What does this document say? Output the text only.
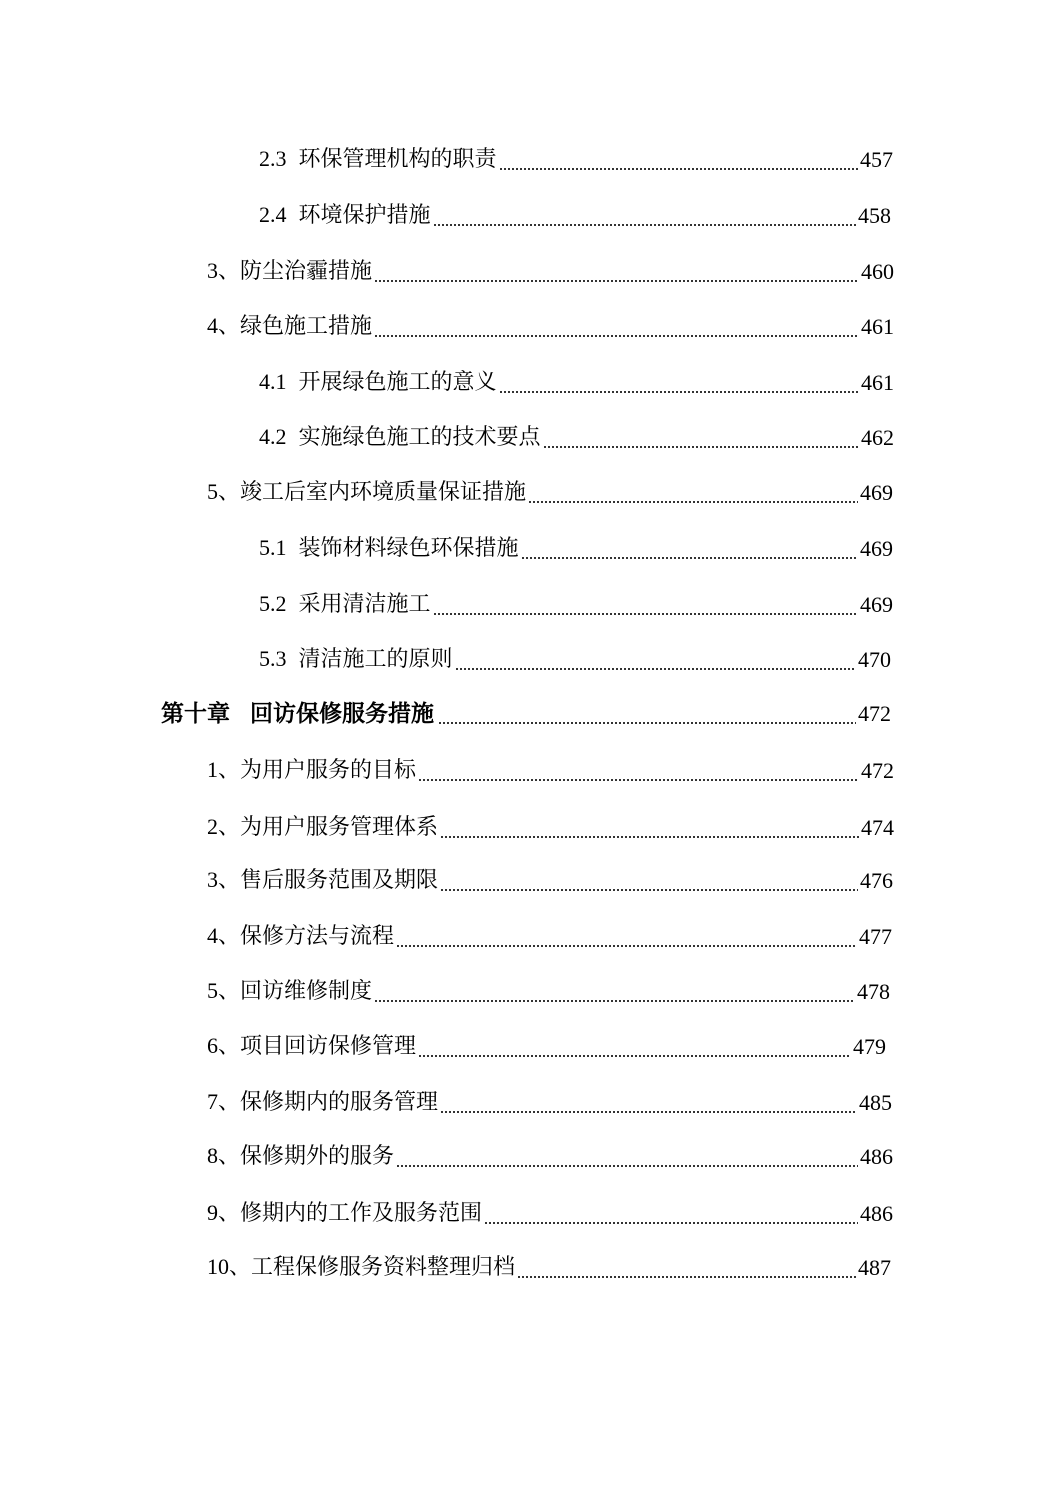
2.3 环保管理机构的职责	457
2.4 环境保护措施	458
3、防尘治霾措施	460
4、绿色施工措施	461
4.1 开展绿色施工的意义	461
4.2 实施绿色施工的技术要点	462
5、竣工后室内环境质量保证措施	469
5.1 装饰材料绿色环保措施	469
5.2 采用清洁施工	469
5.3 清洁施工的原则	470
第十章 回访保修服务措施	472
1、为用户服务的目标	472
2、为用户服务管理体系	474
3、售后服务范围及期限	476
4、保修方法与流程	477
5、回访维修制度	478
6、项目回访保修管理	479
7、保修期内的服务管理	485
8、保修期外的服务	486
9、修期内的工作及服务范围	486
10、工程保修服务资料整理归档	487
